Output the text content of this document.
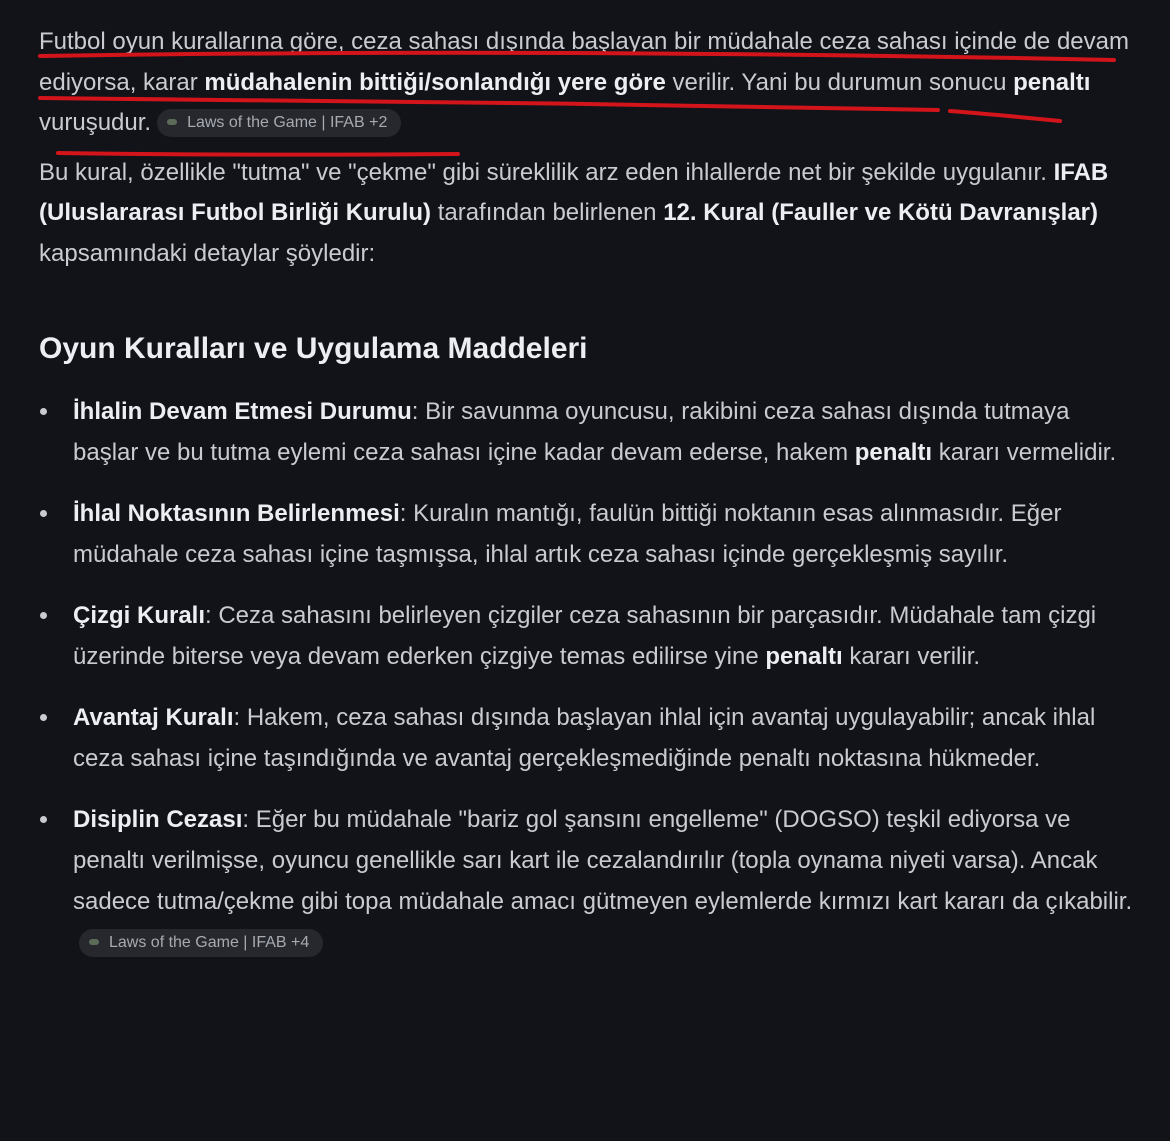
Futbol oyun kurallarına göre, ceza sahası dışında başlayan bir müdahale ceza sahası içinde de devam ediyorsa, karar müdahalenin bittiği/sonlandığı yere göre verilir. Yani bu durumun sonucu penaltı vuruşudur. Laws of the Game | IFAB +2

Bu kural, özellikle "tutma" ve "çekme" gibi süreklilik arz eden ihlallerde net bir şekilde uygulanır. IFAB (Uluslararası Futbol Birliği Kurulu) tarafından belirlenen 12. Kural (Fauller ve Kötü Davranışlar) kapsamındaki detaylar şöyledir:

Oyun Kuralları ve Uygulama Maddeleri
İhlalin Devam Etmesi Durumu: Bir savunma oyuncusu, rakibini ceza sahası dışında tutmaya başlar ve bu tutma eylemi ceza sahası içine kadar devam ederse, hakem penaltı kararı vermelidir.
İhlal Noktasının Belirlenmesi: Kuralın mantığı, faulün bittiği noktanın esas alınmasıdır. Eğer müdahale ceza sahası içine taşmışsa, ihlal artık ceza sahası içinde gerçekleşmiş sayılır.
Çizgi Kuralı: Ceza sahasını belirleyen çizgiler ceza sahasının bir parçasıdır. Müdahale tam çizgi üzerinde biterse veya devam ederken çizgiye temas edilirse yine penaltı kararı verilir.
Avantaj Kuralı: Hakem, ceza sahası dışında başlayan ihlal için avantaj uygulayabilir; ancak ihlal ceza sahası içine taşındığında ve avantaj gerçekleşmediğinde penaltı noktasına hükmeder.
Disiplin Cezası: Eğer bu müdahale "bariz gol şansını engelleme" (DOGSO) teşkil ediyorsa ve penaltı verilmişse, oyuncu genellikle sarı kart ile cezalandırılır (topla oynama niyeti varsa). Ancak sadece tutma/çekme gibi topa müdahale amacı gütmeyen eylemlerde kırmızı kart kararı da çıkabilir.Laws of the Game | IFAB +4
